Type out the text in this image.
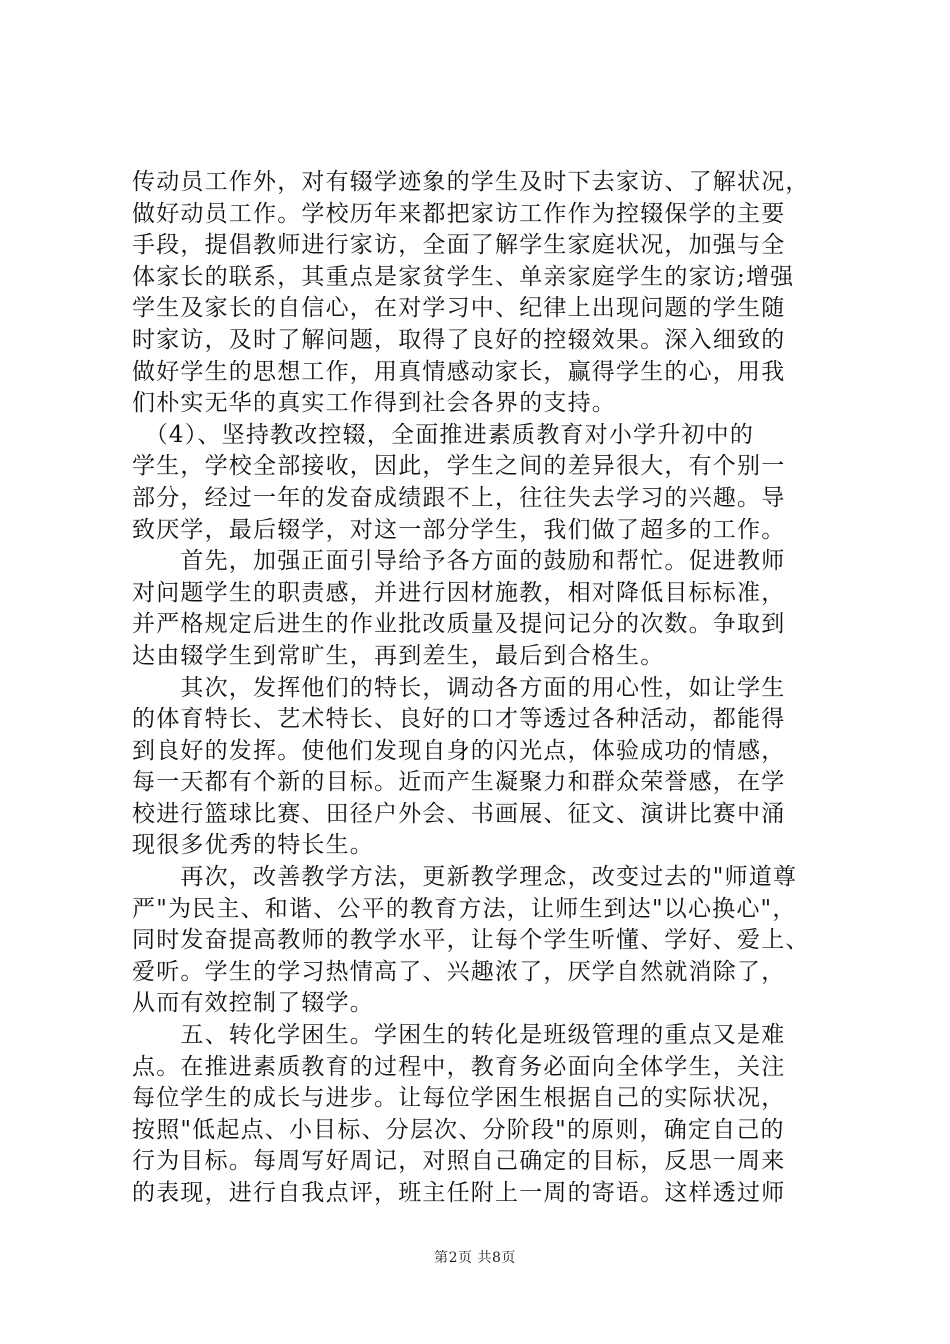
传动员工作外，对有辍学迹象的学生及时下去家访、了解状况，
做好动员工作。学校历年来都把家访工作作为控辍保学的主要
手段，提倡教师进行家访，全面了解学生家庭状况，加强与全
体家长的联系，其重点是家贫学生、单亲家庭学生的家访;增强
学生及家长的自信心，在对学习中、纪律上出现问题的学生随
时家访，及时了解问题，取得了良好的控辍效果。深入细致的
做好学生的思想工作，用真情感动家长，赢得学生的心，用我
们朴实无华的真实工作得到社会各界的支持。
　（4）、坚持教改控辍，全面推进素质教育对小学升初中的
学生，学校全部接收，因此，学生之间的差异很大，有个别一
部分，经过一年的发奋成绩跟不上，往往失去学习的兴趣。导
致厌学，最后辍学，对这一部分学生，我们做了超多的工作。
　　首先，加强正面引导给予各方面的鼓励和帮忙。促进教师
对问题学生的职责感，并进行因材施教，相对降低目标标准，
并严格规定后进生的作业批改质量及提问记分的次数。争取到
达由辍学生到常旷生，再到差生，最后到合格生。
　　其次，发挥他们的特长，调动各方面的用心性，如让学生
的体育特长、艺术特长、良好的口才等透过各种活动，都能得
到良好的发挥。使他们发现自身的闪光点，体验成功的情感，
每一天都有个新的目标。近而产生凝聚力和群众荣誉感，在学
校进行篮球比赛、田径户外会、书画展、征文、演讲比赛中涌
现很多优秀的特长生。
　　再次，改善教学方法，更新教学理念，改变过去的"师道尊
严"为民主、和谐、公平的教育方法，让师生到达"以心换心"，
同时发奋提高教师的教学水平，让每个学生听懂、学好、爱上、
爱听。学生的学习热情高了、兴趣浓了，厌学自然就消除了，
从而有效控制了辍学。
　　五、转化学困生。学困生的转化是班级管理的重点又是难
点。在推进素质教育的过程中，教育务必面向全体学生，关注
每位学生的成长与进步。让每位学困生根据自己的实际状况，
按照"低起点、小目标、分层次、分阶段"的原则，确定自己的
行为目标。每周写好周记，对照自己确定的目标，反思一周来
的表现，进行自我点评，班主任附上一周的寄语。这样透过师
第2页 共8页
